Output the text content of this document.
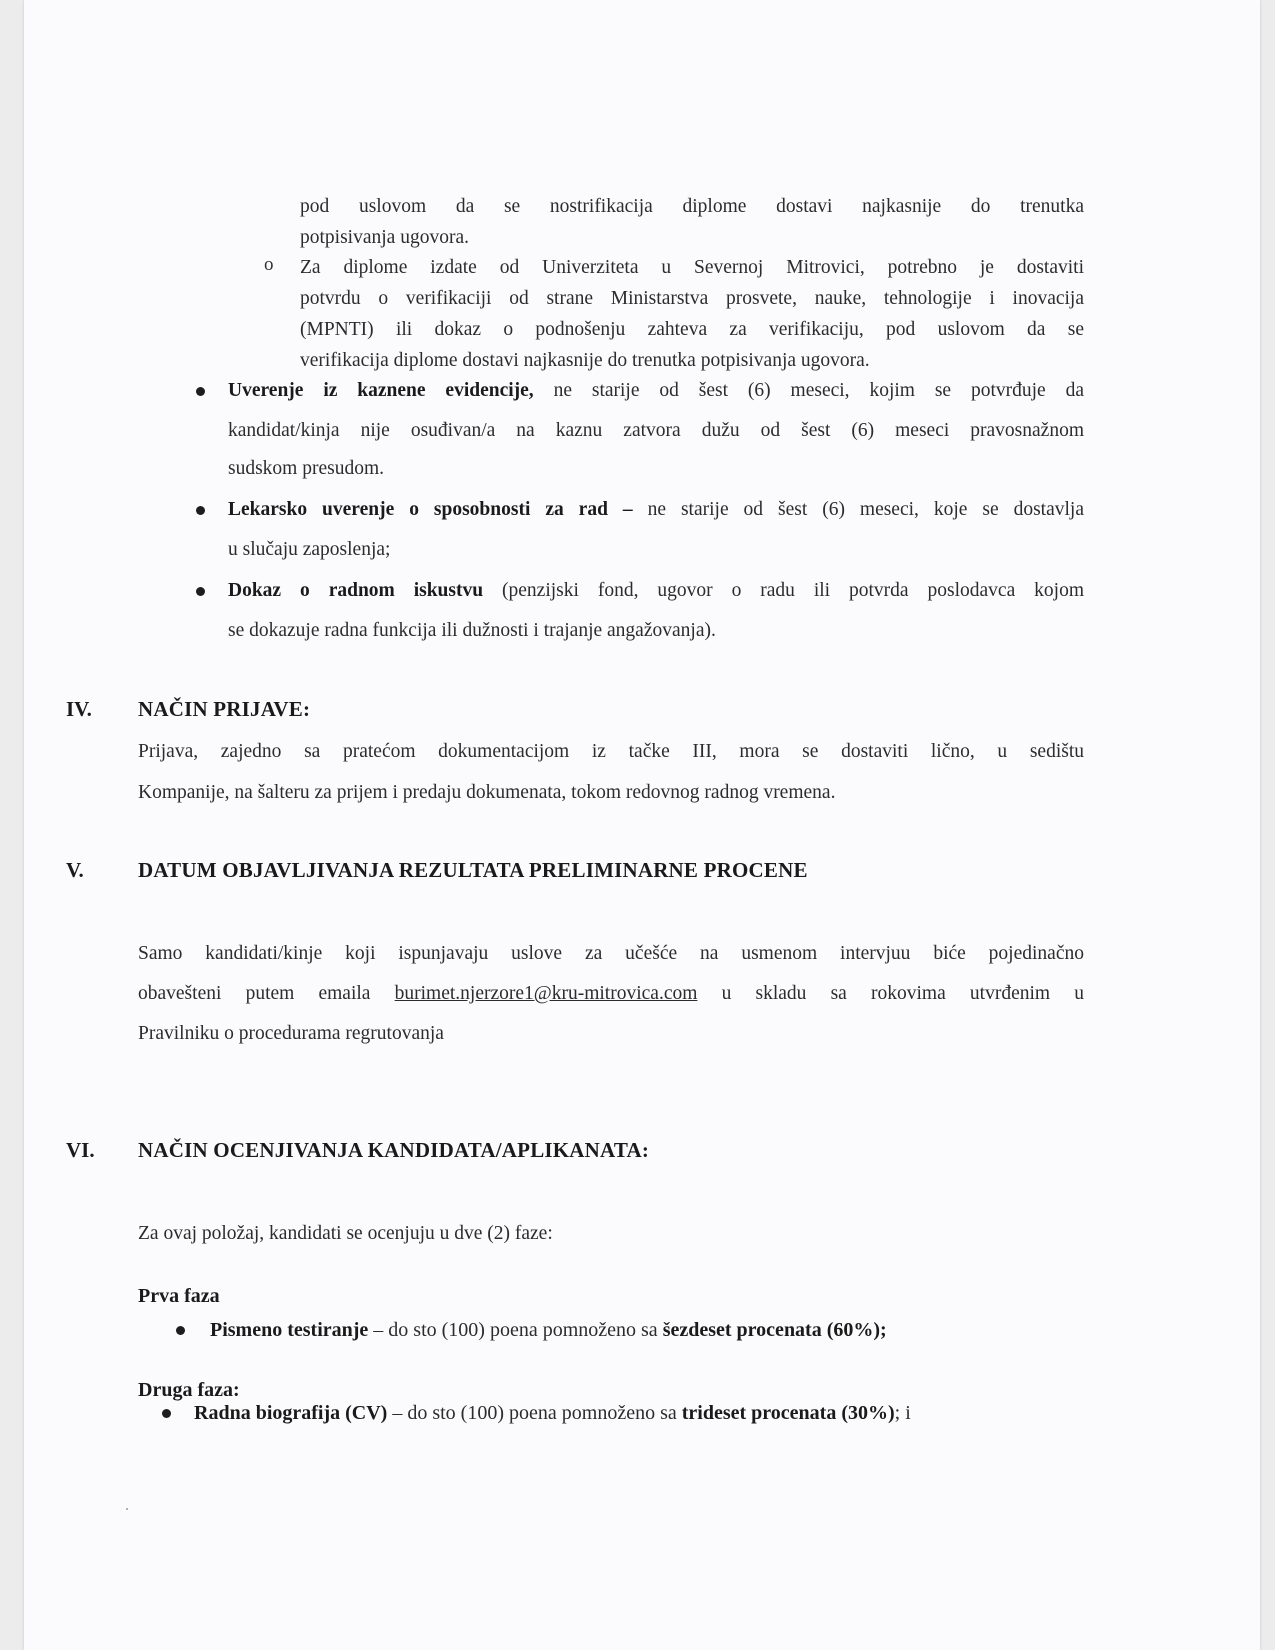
pod uslovom da se nostrifikacija diplome dostavi najkasnije do trenutka

potpisivanja ugovora.

o Za diplome izdate od Univerziteta u Severnoj Mitrovici, potrebno je dostaviti

potvrdu o verifikaciji od strane Ministarstva prosvete, nauke, tehnologije i inovacija

(MPNTI) ili dokaz o podnošenju zahteva za verifikaciju, pod uslovom da se

verifikacija diplome dostavi najkasnije do trenutka potpisivanja ugovora.

Uverenje iz kaznene evidencije, ne starije od šest (6) meseci, kojim se potvrđuje da

kandidat/kinja nije osuđivan/a na kaznu zatvora dužu od šest (6) meseci pravosnažnom

sudskom presudom.

Lekarsko uverenje o sposobnosti za rad – ne starije od šest (6) meseci, koje se dostavlja

u slučaju zaposlenja;

Dokaz o radnom iskustvu (penzijski fond, ugovor o radu ili potvrda poslodavca kojom

se dokazuje radna funkcija ili dužnosti i trajanje angažovanja).

IV. NAČIN PRIJAVE:

Prijava, zajedno sa pratećom dokumentacijom iz tačke III, mora se dostaviti lično, u sedištu

Kompanije, na šalteru za prijem i predaju dokumenata, tokom redovnog radnog vremena.

V.	DATUM OBJAVLJIVANJA REZULTATA PRELIMINARNE PROCENE

Samo kandidati/kinje koji ispunjavaju uslove za učešće na usmenom intervjuu biće pojedinačno

obavešteni putem emaila burimet.njerzore1@kru-mitrovica.com u skladu sa rokovima utvrđenim u

Pravilniku o procedurama regrutovanja

VI. NAČIN OCENJIVANJA KANDIDATA/APLIKANATA:

Za ovaj položaj, kandidati se ocenjuju u dve (2) faze:

Prva faza

Pismeno testiranje – do sto (100) poena pomnoženo sa šezdeset procenata (60%);

Druga faza:

Radna biografija (CV) – do sto (100) poena pomnoženo sa trideset procenata (30%); i
